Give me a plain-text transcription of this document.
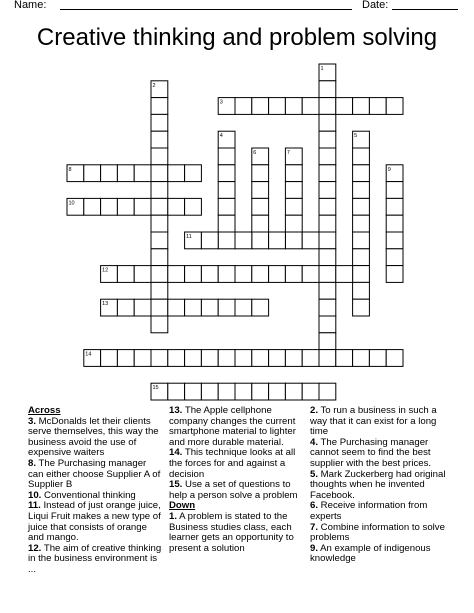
Name:	Date:
Creative thinking and problem solving
1
2
3
4	5
6	7
8	9
10
11
12
13
14
15
Across
3. McDonalds let their clients serve themselves, this way the business avoid the use of expensive waiters
8. The Purchasing manager can either choose Supplier A of Supplier B
10. Conventional thinking
11. Instead of just orange juice, Liqui Fruit makes a new type of juice that consists of orange and mango.
12. The aim of creative thinking in the business environment is ...
13. The Apple cellphone company changes the current smartphone material to lighter and more durable material.
14. This technique looks at all the forces for and against a decision
15. Use a set of questions to help a person solve a problem
Down
1. A problem is stated to the Business studies class, each learner gets an opportunity to present a solution
2. To run a business in such a way that it can exist for a long time
4. The Purchasing manager cannot seem to find the best supplier with the best prices.
5. Mark Zuckerberg had original thoughts when he invented Facebook.
6. Receive information from experts
7. Combine information to solve problems
9. An example of indigenous knowledge
